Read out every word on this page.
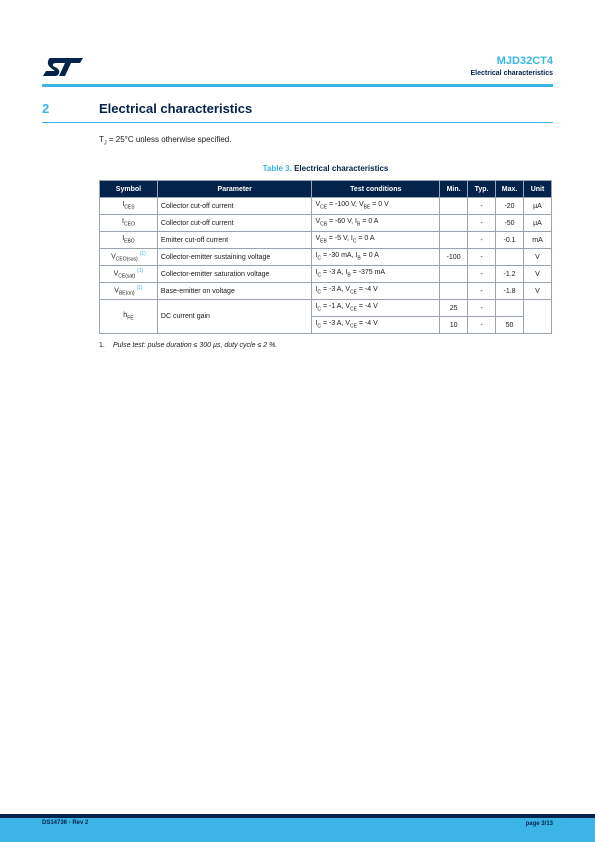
MJD32CT4
Electrical characteristics
2	Electrical characteristics
$T_J = 25^\circ C$ unless otherwise specified.
Table 3. Electrical characteristics
Symbol	Parameter	Test conditions	Min.	Typ.	Max.	Unit
$I_{CES}$	Collector cut-off current	$V_{CE} = -100$ V, $V_{BE} = 0$ V		-	-20	µA
$I_{CEO}$	Collector cut-off current	$V_{CB} = -60$ V, $I_B = 0$ A		-	-50	µA
$I_{EBO}$	Emitter cut-off current	$V_{EB} = -5$ V, $I_C = 0$ A		-	-0.1	mA
$V_{CEO(sus)}$ $^{(1)}$	Collector-emitter sustaining voltage	$I_C = -30$ mA, $I_B = 0$ A	-100	-		V
$V_{CE(sat)}$ $^{(1)}$	Collector-emitter saturation voltage	$I_C = -3$ A, $I_B = -375$ mA		-	-1.2	V
$V_{BE(on)}$ $^{(1)}$	Base-emitter on voltage	$I_C = -3$ A, $V_{CE} = -4$ V		-	-1.8	V
$h_{FE}$	DC current gain	$I_C = -1$ A, $V_{CE} = -4$ V	25	-		
		$I_C = -3$ A, $V_{CE} = -4$ V	10	-	50	
1. Pulse test: pulse duration ≤ 300 µs, duty cycle ≤ 2 %.
DS14736 - Rev 2	page 3/13
